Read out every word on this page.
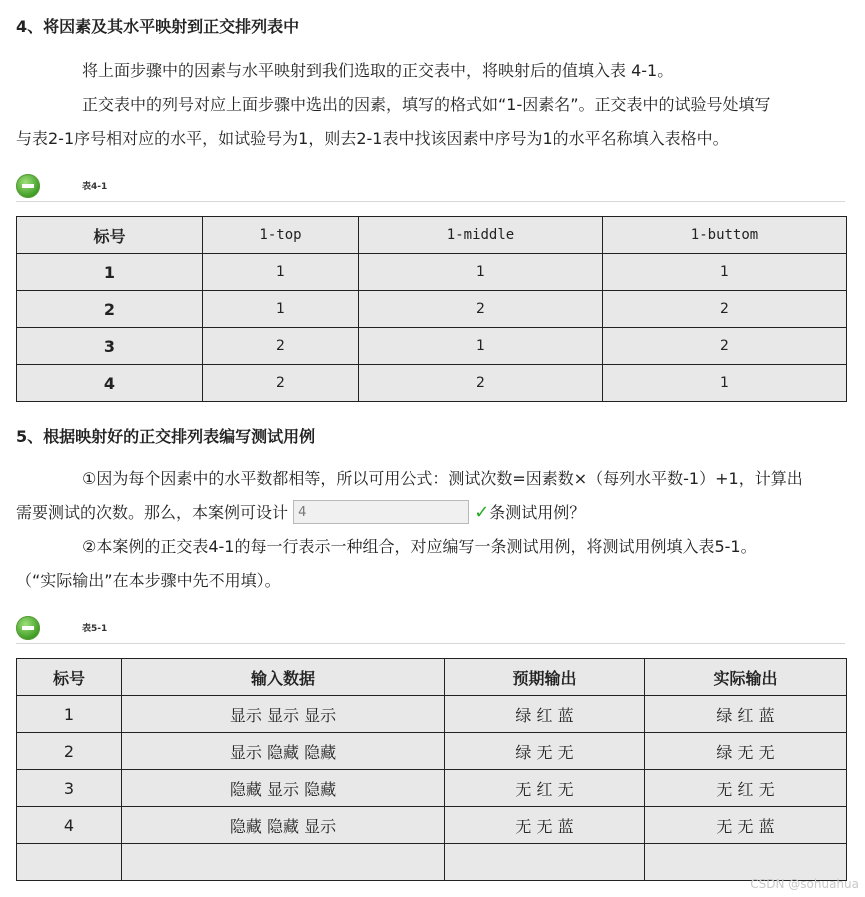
4、将因素及其水平映射到正交排列表中
将上面步骤中的因素与水平映射到我们选取的正交表中，将映射后的值填入表 4-1。
正交表中的列号对应上面步骤中选出的因素，填写的格式如“1-因素名”。正交表中的试验号处填写
与表2-1序号相对应的水平，如试验号为1，则去2-1表中找该因素中序号为1的水平名称填入表格中。
表4-1
标号	1-top	1-middle	1-buttom
1	1	1	1
2	1	2	2
3	2	1	2
4	2	2	1
5、根据映射好的正交排列表编写测试用例
①因为每个因素中的水平数都相等，所以可用公式：测试次数=因素数×（每列水平数-1）+1，计算出
需要测试的次数。那么，本案例可设计 4	✓条测试用例？
②本案例的正交表4-1的每一行表示一种组合，对应编写一条测试用例，将测试用例填入表5-1。
（“实际输出”在本步骤中先不用填）。
表5-1
标号	输入数据	预期输出	实际输出
1	显示 显示 显示	绿 红 蓝	绿 红 蓝
2	显示 隐藏 隐藏	绿 无 无	绿 无 无
3	隐藏 显示 隐藏	无 红 无	无 红 无
4	隐藏 隐藏 显示	无 无 蓝	无 无 蓝

CSDN @sohuahua
